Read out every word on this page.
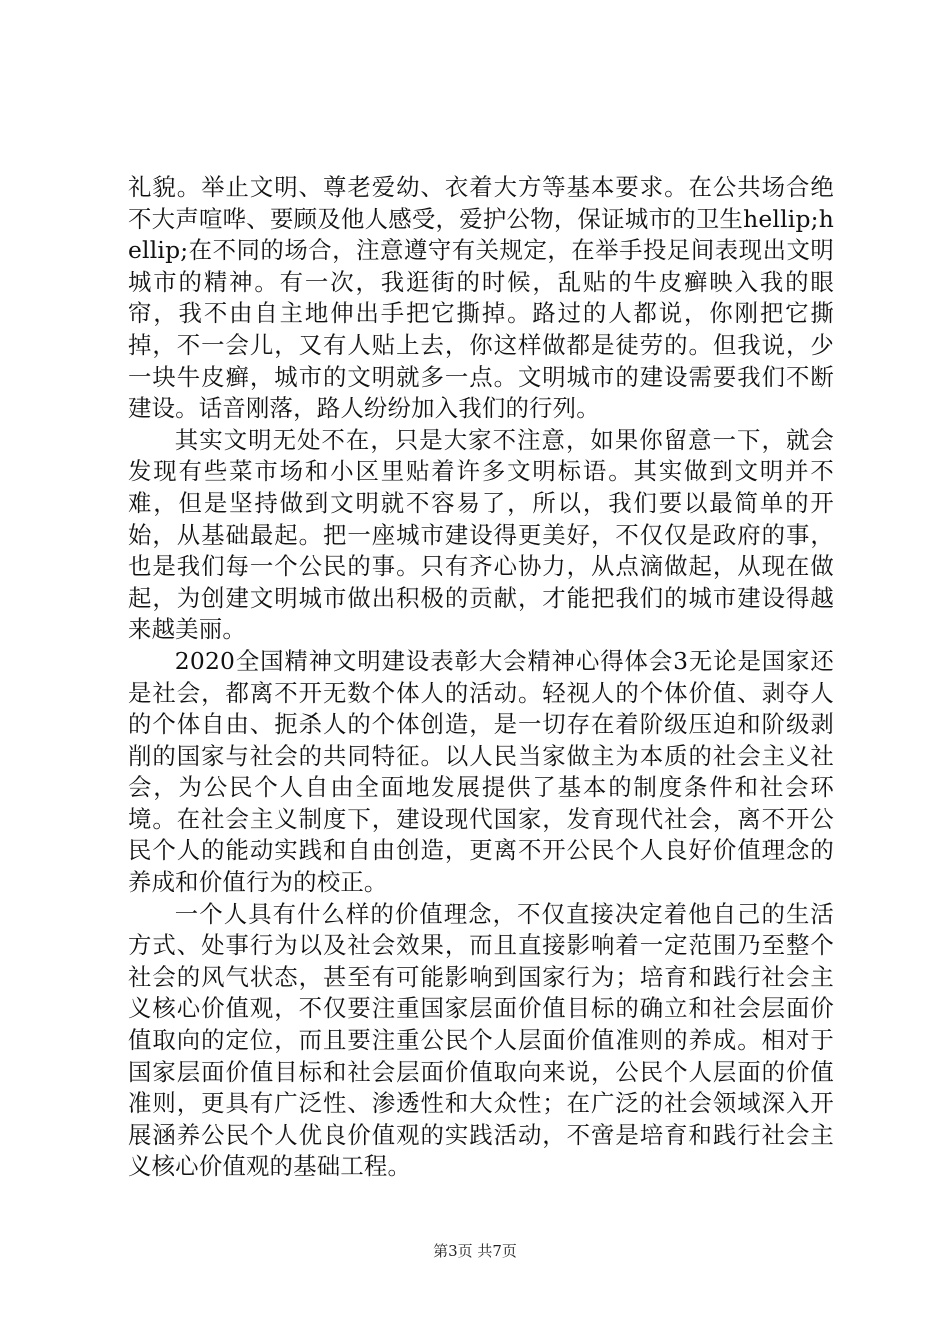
礼貌。举止文明、尊老爱幼、衣着大方等基本要求。在公共场合绝不大声喧哗、要顾及他人感受，爱护公物，保证城市的卫生hellip;hellip;在不同的场合，注意遵守有关规定，在举手投足间表现出文明城市的精神。有一次，我逛街的时候，乱贴的牛皮癣映入我的眼帘，我不由自主地伸出手把它撕掉。路过的人都说，你刚把它撕掉，不一会儿，又有人贴上去，你这样做都是徒劳的。但我说，少一块牛皮癣，城市的文明就多一点。文明城市的建设需要我们不断建设。话音刚落，路人纷纷加入我们的行列。

其实文明无处不在，只是大家不注意，如果你留意一下，就会发现有些菜市场和小区里贴着许多文明标语。其实做到文明并不难，但是坚持做到文明就不容易了，所以，我们要以最简单的开始，从基础最起。把一座城市建设得更美好，不仅仅是政府的事，也是我们每一个公民的事。只有齐心协力，从点滴做起，从现在做起，为创建文明城市做出积极的贡献，才能把我们的城市建设得越来越美丽。

2020全国精神文明建设表彰大会精神心得体会3无论是国家还是社会，都离不开无数个体人的活动。轻视人的个体价值、剥夺人的个体自由、扼杀人的个体创造，是一切存在着阶级压迫和阶级剥削的国家与社会的共同特征。以人民当家做主为本质的社会主义社会，为公民个人自由全面地发展提供了基本的制度条件和社会环境。在社会主义制度下，建设现代国家，发育现代社会，离不开公民个人的能动实践和自由创造，更离不开公民个人良好价值理念的养成和价值行为的校正。

一个人具有什么样的价值理念，不仅直接决定着他自己的生活方式、处事行为以及社会效果，而且直接影响着一定范围乃至整个社会的风气状态，甚至有可能影响到国家行为；培育和践行社会主义核心价值观，不仅要注重国家层面价值目标的确立和社会层面价值取向的定位，而且要注重公民个人层面价值准则的养成。相对于国家层面价值目标和社会层面价值取向来说，公民个人层面的价值准则，更具有广泛性、渗透性和大众性；在广泛的社会领域深入开展涵养公民个人优良价值观的实践活动，不啻是培育和践行社会主义核心价值观的基础工程。

第3页 共7页
